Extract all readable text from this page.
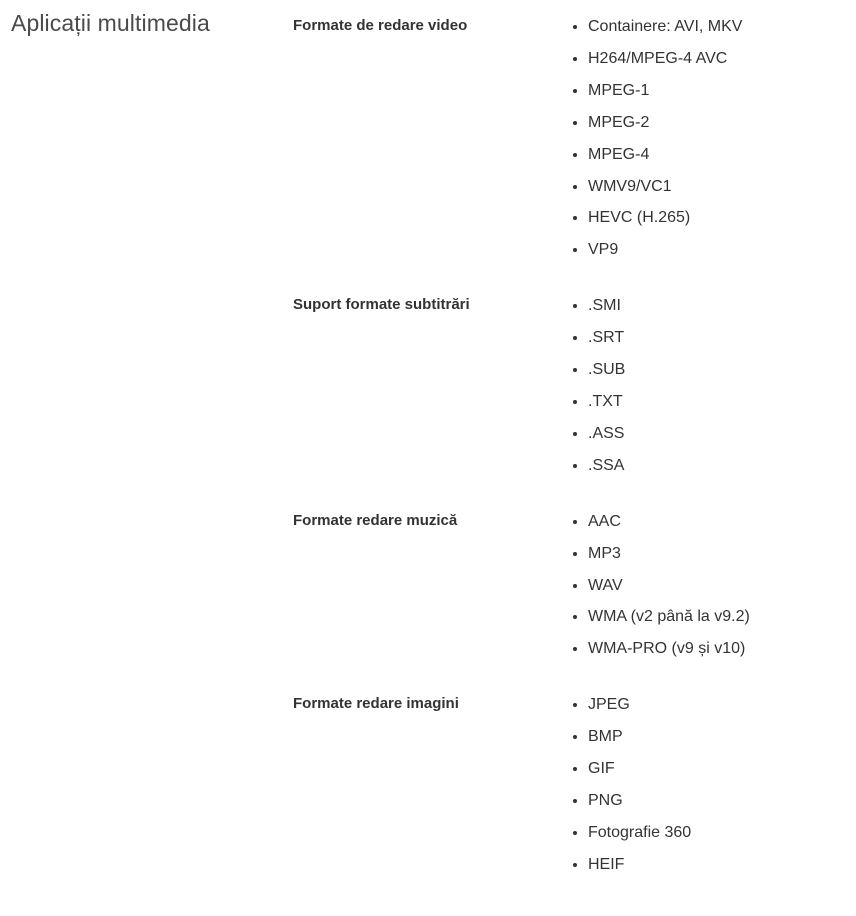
Aplicații multimedia	Formate de redare video	Containere: AVI, MKV
H264/MPEG-4 AVC
MPEG-1
MPEG-2
MPEG-4
WMV9/VC1
HEVC (H.265)
VP9
Suport formate subtitrări	.SMI
.SRT
.SUB
.TXT
.ASS
.SSA
Formate redare muzică	AAC
MP3
WAV
WMA (v2 până la v9.2)
WMA-PRO (v9 și v10)
Formate redare imagini	JPEG
BMP
GIF
PNG
Fotografie 360
HEIF
